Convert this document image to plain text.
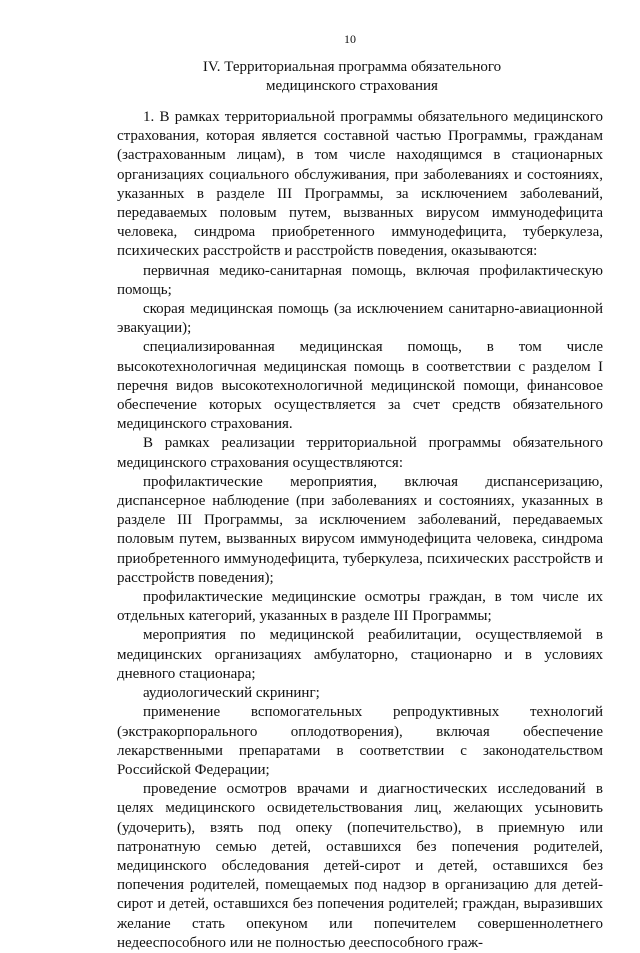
10
IV. Территориальная программа обязательного
медицинского страхования

1. В рамках территориальной программы обязательного медицинского страхования, которая является составной частью Программы, гражданам (застрахованным лицам), в том числе находящимся в стационарных организациях социального обслуживания, при заболеваниях и состояниях, указанных в разделе III Программы, за исключением заболеваний, передаваемых половым путем, вызванных вирусом иммунодефицита человека, синдрома приобретенного иммунодефицита, туберкулеза, психических расстройств и расстройств поведения, оказываются:

первичная медико-санитарная помощь, включая профилактическую помощь;

скорая медицинская помощь (за исключением санитарно-авиационной эвакуации);

специализированная медицинская помощь, в том числе высокотехнологичная медицинская помощь в соответствии с разделом I перечня видов высокотехнологичной медицинской помощи, финансовое обеспечение которых осуществляется за счет средств обязательного медицинского страхования.

В рамках реализации территориальной программы обязательного медицинского страхования осуществляются:

профилактические мероприятия, включая диспансеризацию, диспансерное наблюдение (при заболеваниях и состояниях, указанных в разделе III Программы, за исключением заболеваний, передаваемых половым путем, вызванных вирусом иммунодефицита человека, синдрома приобретенного иммунодефицита, туберкулеза, психических расстройств и расстройств поведения);

профилактические медицинские осмотры граждан, в том числе их отдельных категорий, указанных в разделе III Программы;

мероприятия по медицинской реабилитации, осуществляемой в медицинских организациях амбулаторно, стационарно и в условиях дневного стационара;

аудиологический скрининг;

применение вспомогательных репродуктивных технологий (экстракорпорального оплодотворения), включая обеспечение лекарственными препаратами в соответствии с законодательством Российской Федерации;

проведение осмотров врачами и диагностических исследований в целях медицинского освидетельствования лиц, желающих усыновить (удочерить), взять под опеку (попечительство), в приемную или патронатную семью детей, оставшихся без попечения родителей, медицинского обследования детей-сирот и детей, оставшихся без попечения родителей, помещаемых под надзор в организацию для детей-сирот и детей, оставшихся без попечения родителей; граждан, выразивших желание стать опекуном или попечителем совершеннолетнего недееспособного или не полностью дееспособного граж-
